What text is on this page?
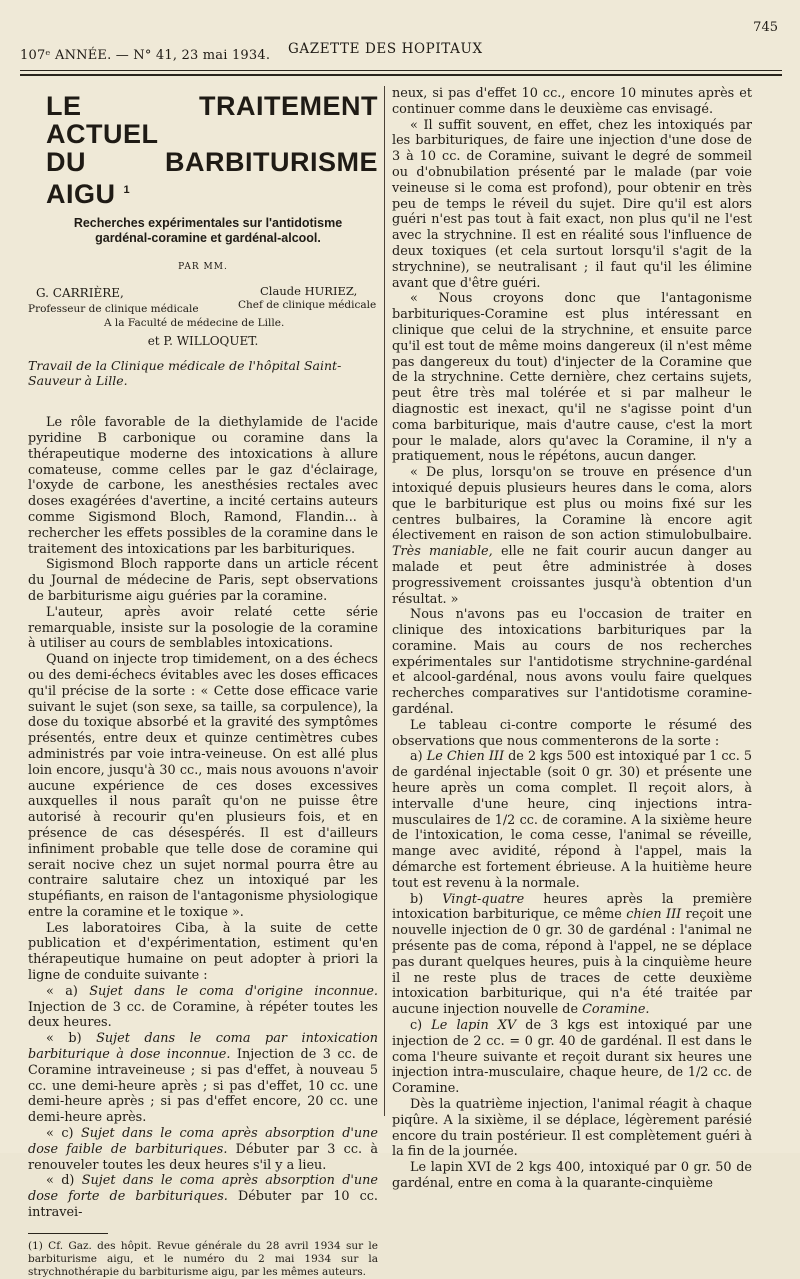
107ᵉ ANNÉE. — N° 41, 23 mai 1934. GAZETTE DES HOPITAUX
745
LE TRAITEMENT ACTUEL
DU BARBITURISME AIGU $^1$
Recherches expérimentales sur l'antidotisme
gardénal-coramine et gardénal-alcool.
PAR MM.
G. CARRIÈRE,
Professeur de clinique médicale
Claude HURIEZ,
Chef de clinique médicale
A la Faculté de médecine de Lille.
et P. WILLOQUET.
Travail de la Clinique médicale de l'hôpital Saint-Sauveur à Lille.

Le rôle favorable de la diethylamide de l'acide pyridine B carbonique ou coramine dans la thérapeutique moderne des intoxications à allure comateuse, comme celles par le gaz d'éclairage, l'oxyde de carbone, les anesthésies rectales avec doses exagérées d'avertine, a incité certains auteurs comme Sigismond Bloch, Ramond, Flandin... à rechercher les effets possibles de la coramine dans le traitement des intoxications par les barbituriques.

Sigismond Bloch rapporte dans un article récent du Journal de médecine de Paris, sept observations de barbiturisme aigu guéries par la coramine.

L'auteur, après avoir relaté cette série remarquable, insiste sur la posologie de la coramine à utiliser au cours de semblables intoxications.

Quand on injecte trop timidement, on a des échecs ou des demi-échecs évitables avec les doses efficaces qu'il précise de la sorte : « Cette dose efficace varie suivant le sujet (son sexe, sa taille, sa corpulence), la dose du toxique absorbé et la gravité des symptômes présentés, entre deux et quinze centimètres cubes administrés par voie intra-veineuse. On est allé plus loin encore, jusqu'à 30 cc., mais nous avouons n'avoir aucune expérience de ces doses excessives auxquelles il nous paraît qu'on ne puisse être autorisé à recourir qu'en plusieurs fois, et en présence de cas désespérés. Il est d'ailleurs infiniment probable que telle dose de coramine qui serait nocive chez un sujet normal pourra être au contraire salutaire chez un intoxiqué par les stupéfiants, en raison de l'antagonisme physiologique entre la coramine et le toxique ».

Les laboratoires Ciba, à la suite de cette publication et d'expérimentation, estiment qu'en thérapeutique humaine on peut adopter à priori la ligne de conduite suivante :

« a) Sujet dans le coma d'origine inconnue. Injection de 3 cc. de Coramine, à répéter toutes les deux heures.

« b) Sujet dans le coma par intoxication barbiturique à dose inconnue. Injection de 3 cc. de Coramine intraveineuse ; si pas d'effet, à nouveau 5 cc. une demi-heure après ; si pas d'effet, 10 cc. une demi-heure après ; si pas d'effet encore, 20 cc. une demi-heure après.

« c) Sujet dans le coma après absorption d'une dose faible de barbituriques. Débuter par 3 cc. à renouveler toutes les deux heures s'il y a lieu.

« d) Sujet dans le coma après absorption d'une dose forte de barbituriques. Débuter par 10 cc. intravei-

(1) Cf. Gaz. des hôpit. Revue générale du 28 avril 1934 sur le barbiturisme aigu, et le numéro du 2 mai 1934 sur la strychnothérapie du barbiturisme aigu, par les mêmes auteurs.

neux, si pas d'effet 10 cc., encore 10 minutes après et continuer comme dans le deuxième cas envisagé.

« Il suffit souvent, en effet, chez les intoxiqués par les barbituriques, de faire une injection d'une dose de 3 à 10 cc. de Coramine, suivant le degré de sommeil ou d'obnubilation présenté par le malade (par voie veineuse si le coma est profond), pour obtenir en très peu de temps le réveil du sujet. Dire qu'il est alors guéri n'est pas tout à fait exact, non plus qu'il ne l'est avec la strychnine. Il est en réalité sous l'influence de deux toxiques (et cela surtout lorsqu'il s'agit de la strychnine), se neutralisant ; il faut qu'il les élimine avant que d'être guéri.

« Nous croyons donc que l'antagonisme barbituriques-Coramine est plus intéressant en clinique que celui de la strychnine, et ensuite parce qu'il est tout de même moins dangereux (il n'est même pas dangereux du tout) d'injecter de la Coramine que de la strychnine. Cette dernière, chez certains sujets, peut être très mal tolérée et si par malheur le diagnostic est inexact, qu'il ne s'agisse point d'un coma barbiturique, mais d'autre cause, c'est la mort pour le malade, alors qu'avec la Coramine, il n'y a pratiquement, nous le répétons, aucun danger.

« De plus, lorsqu'on se trouve en présence d'un intoxiqué depuis plusieurs heures dans le coma, alors que le barbiturique est plus ou moins fixé sur les centres bulbaires, la Coramine là encore agit électivement en raison de son action stimulobulbaire. Très maniable, elle ne fait courir aucun danger au malade et peut être administrée à doses progressivement croissantes jusqu'à obtention d'un résultat. »

Nous n'avons pas eu l'occasion de traiter en clinique des intoxications barbituriques par la coramine. Mais au cours de nos recherches expérimentales sur l'antidotisme strychnine-gardénal et alcool-gardénal, nous avons voulu faire quelques recherches comparatives sur l'antidotisme coramine-gardénal.

Le tableau ci-contre comporte le résumé des observations que nous commenterons de la sorte :

a) Le Chien III de 2 kgs 500 est intoxiqué par 1 cc. 5 de gardénal injectable (soit 0 gr. 30) et présente une heure après un coma complet. Il reçoit alors, à intervalle d'une heure, cinq injections intra-musculaires de 1/2 cc. de coramine. A la sixième heure de l'intoxication, le coma cesse, l'animal se réveille, mange avec avidité, répond à l'appel, mais la démarche est fortement ébrieuse. A la huitième heure tout est revenu à la normale.

b) Vingt-quatre heures après la première intoxication barbiturique, ce même chien III reçoit une nouvelle injection de 0 gr. 30 de gardénal : l'animal ne présente pas de coma, répond à l'appel, ne se déplace pas durant quelques heures, puis à la cinquième heure il ne reste plus de traces de cette deuxième intoxication barbiturique, qui n'a été traitée par aucune injection nouvelle de Coramine.

c) Le lapin XV de 3 kgs est intoxiqué par une injection de 2 cc. = 0 gr. 40 de gardénal. Il est dans le coma l'heure suivante et reçoit durant six heures une injection intra-musculaire, chaque heure, de 1/2 cc. de Coramine.

Dès la quatrième injection, l'animal réagit à chaque piqûre. A la sixième, il se déplace, légèrement parésié encore du train postérieur. Il est complètement guéri à la fin de la journée.

Le lapin XVI de 2 kgs 400, intoxiqué par 0 gr. 50 de gardénal, entre en coma à la quarante-cinquième
